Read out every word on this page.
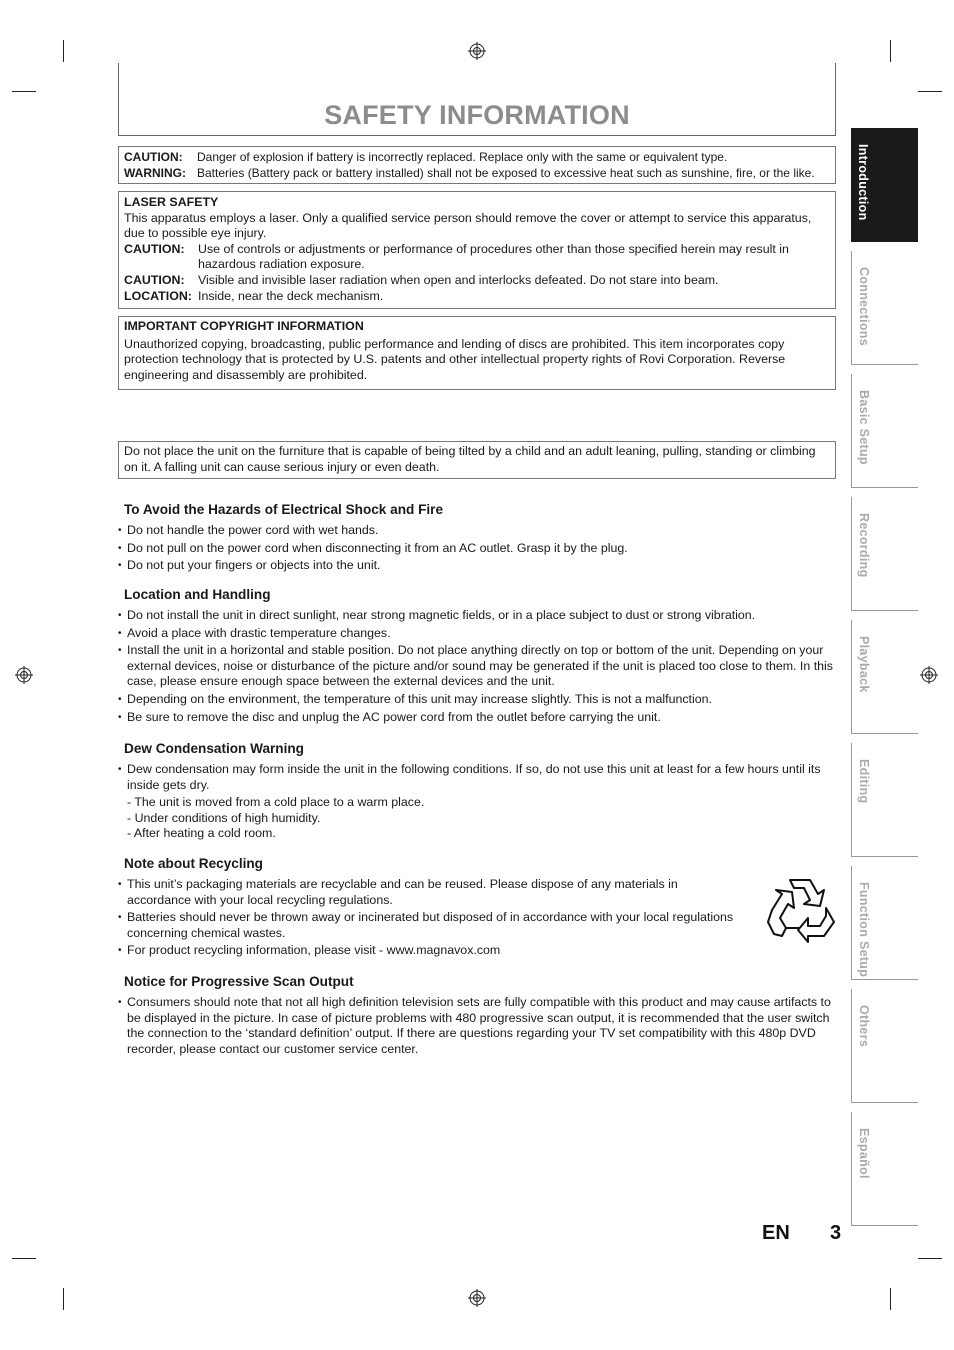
SAFETY INFORMATION
CAUTION:	Danger of explosion if battery is incorrectly replaced. Replace only with the same or equivalent type.
WARNING: Batteries (Battery pack or battery installed) shall not be exposed to excessive heat such as sunshine, fire, or the like.
LASER SAFETY
This apparatus employs a laser. Only a qualified service person should remove the cover or attempt to service this apparatus, due to possible eye injury.
CAUTION:	Use of controls or adjustments or performance of procedures other than those specified herein may result in hazardous radiation exposure.
CAUTION:	Visible and invisible laser radiation when open and interlocks defeated. Do not stare into beam.
LOCATION: Inside, near the deck mechanism.
IMPORTANT COPYRIGHT INFORMATION
Unauthorized copying, broadcasting, public performance and lending of discs are prohibited. This item incorporates copy protection technology that is protected by U.S. patents and other intellectual property rights of Rovi Corporation. Reverse engineering and disassembly are prohibited.
Do not place the unit on the furniture that is capable of being tilted by a child and an adult leaning, pulling, standing or climbing on it. A falling unit can cause serious injury or even death.
To Avoid the Hazards of Electrical Shock and Fire
• Do not handle the power cord with wet hands.
• Do not pull on the power cord when disconnecting it from an AC outlet. Grasp it by the plug.
• Do not put your fingers or objects into the unit.
Location and Handling
• Do not install the unit in direct sunlight, near strong magnetic fields, or in a place subject to dust or strong vibration.
• Avoid a place with drastic temperature changes.
• Install the unit in a horizontal and stable position. Do not place anything directly on top or bottom of the unit. Depending on your external devices, noise or disturbance of the picture and/or sound may be generated if the unit is placed too close to them. In this case, please ensure enough space between the external devices and the unit.
• Depending on the environment, the temperature of this unit may increase slightly. This is not a malfunction.
• Be sure to remove the disc and unplug the AC power cord from the outlet before carrying the unit.
Dew Condensation Warning
• Dew condensation may form inside the unit in the following conditions. If so, do not use this unit at least for a few hours until its inside gets dry.
- The unit is moved from a cold place to a warm place.
- Under conditions of high humidity.
- After heating a cold room.
Note about Recycling
• This unit’s packaging materials are recyclable and can be reused. Please dispose of any materials in accordance with your local recycling regulations.
• Batteries should never be thrown away or incinerated but disposed of in accordance with your local regulations concerning chemical wastes.
• For product recycling information, please visit - www.magnavox.com
Notice for Progressive Scan Output
• Consumers should note that not all high definition television sets are fully compatible with this product and may cause artifacts to be displayed in the picture. In case of picture problems with 480 progressive scan output, it is recommended that the user switch the connection to the ‘standard definition’ output. If there are questions regarding your TV set compatibility with this 480p DVD recorder, please contact our customer service center.
Introduction
Connections
Basic Setup
Recording
Playback
Editing
Function Setup
Others
Español
EN 3
